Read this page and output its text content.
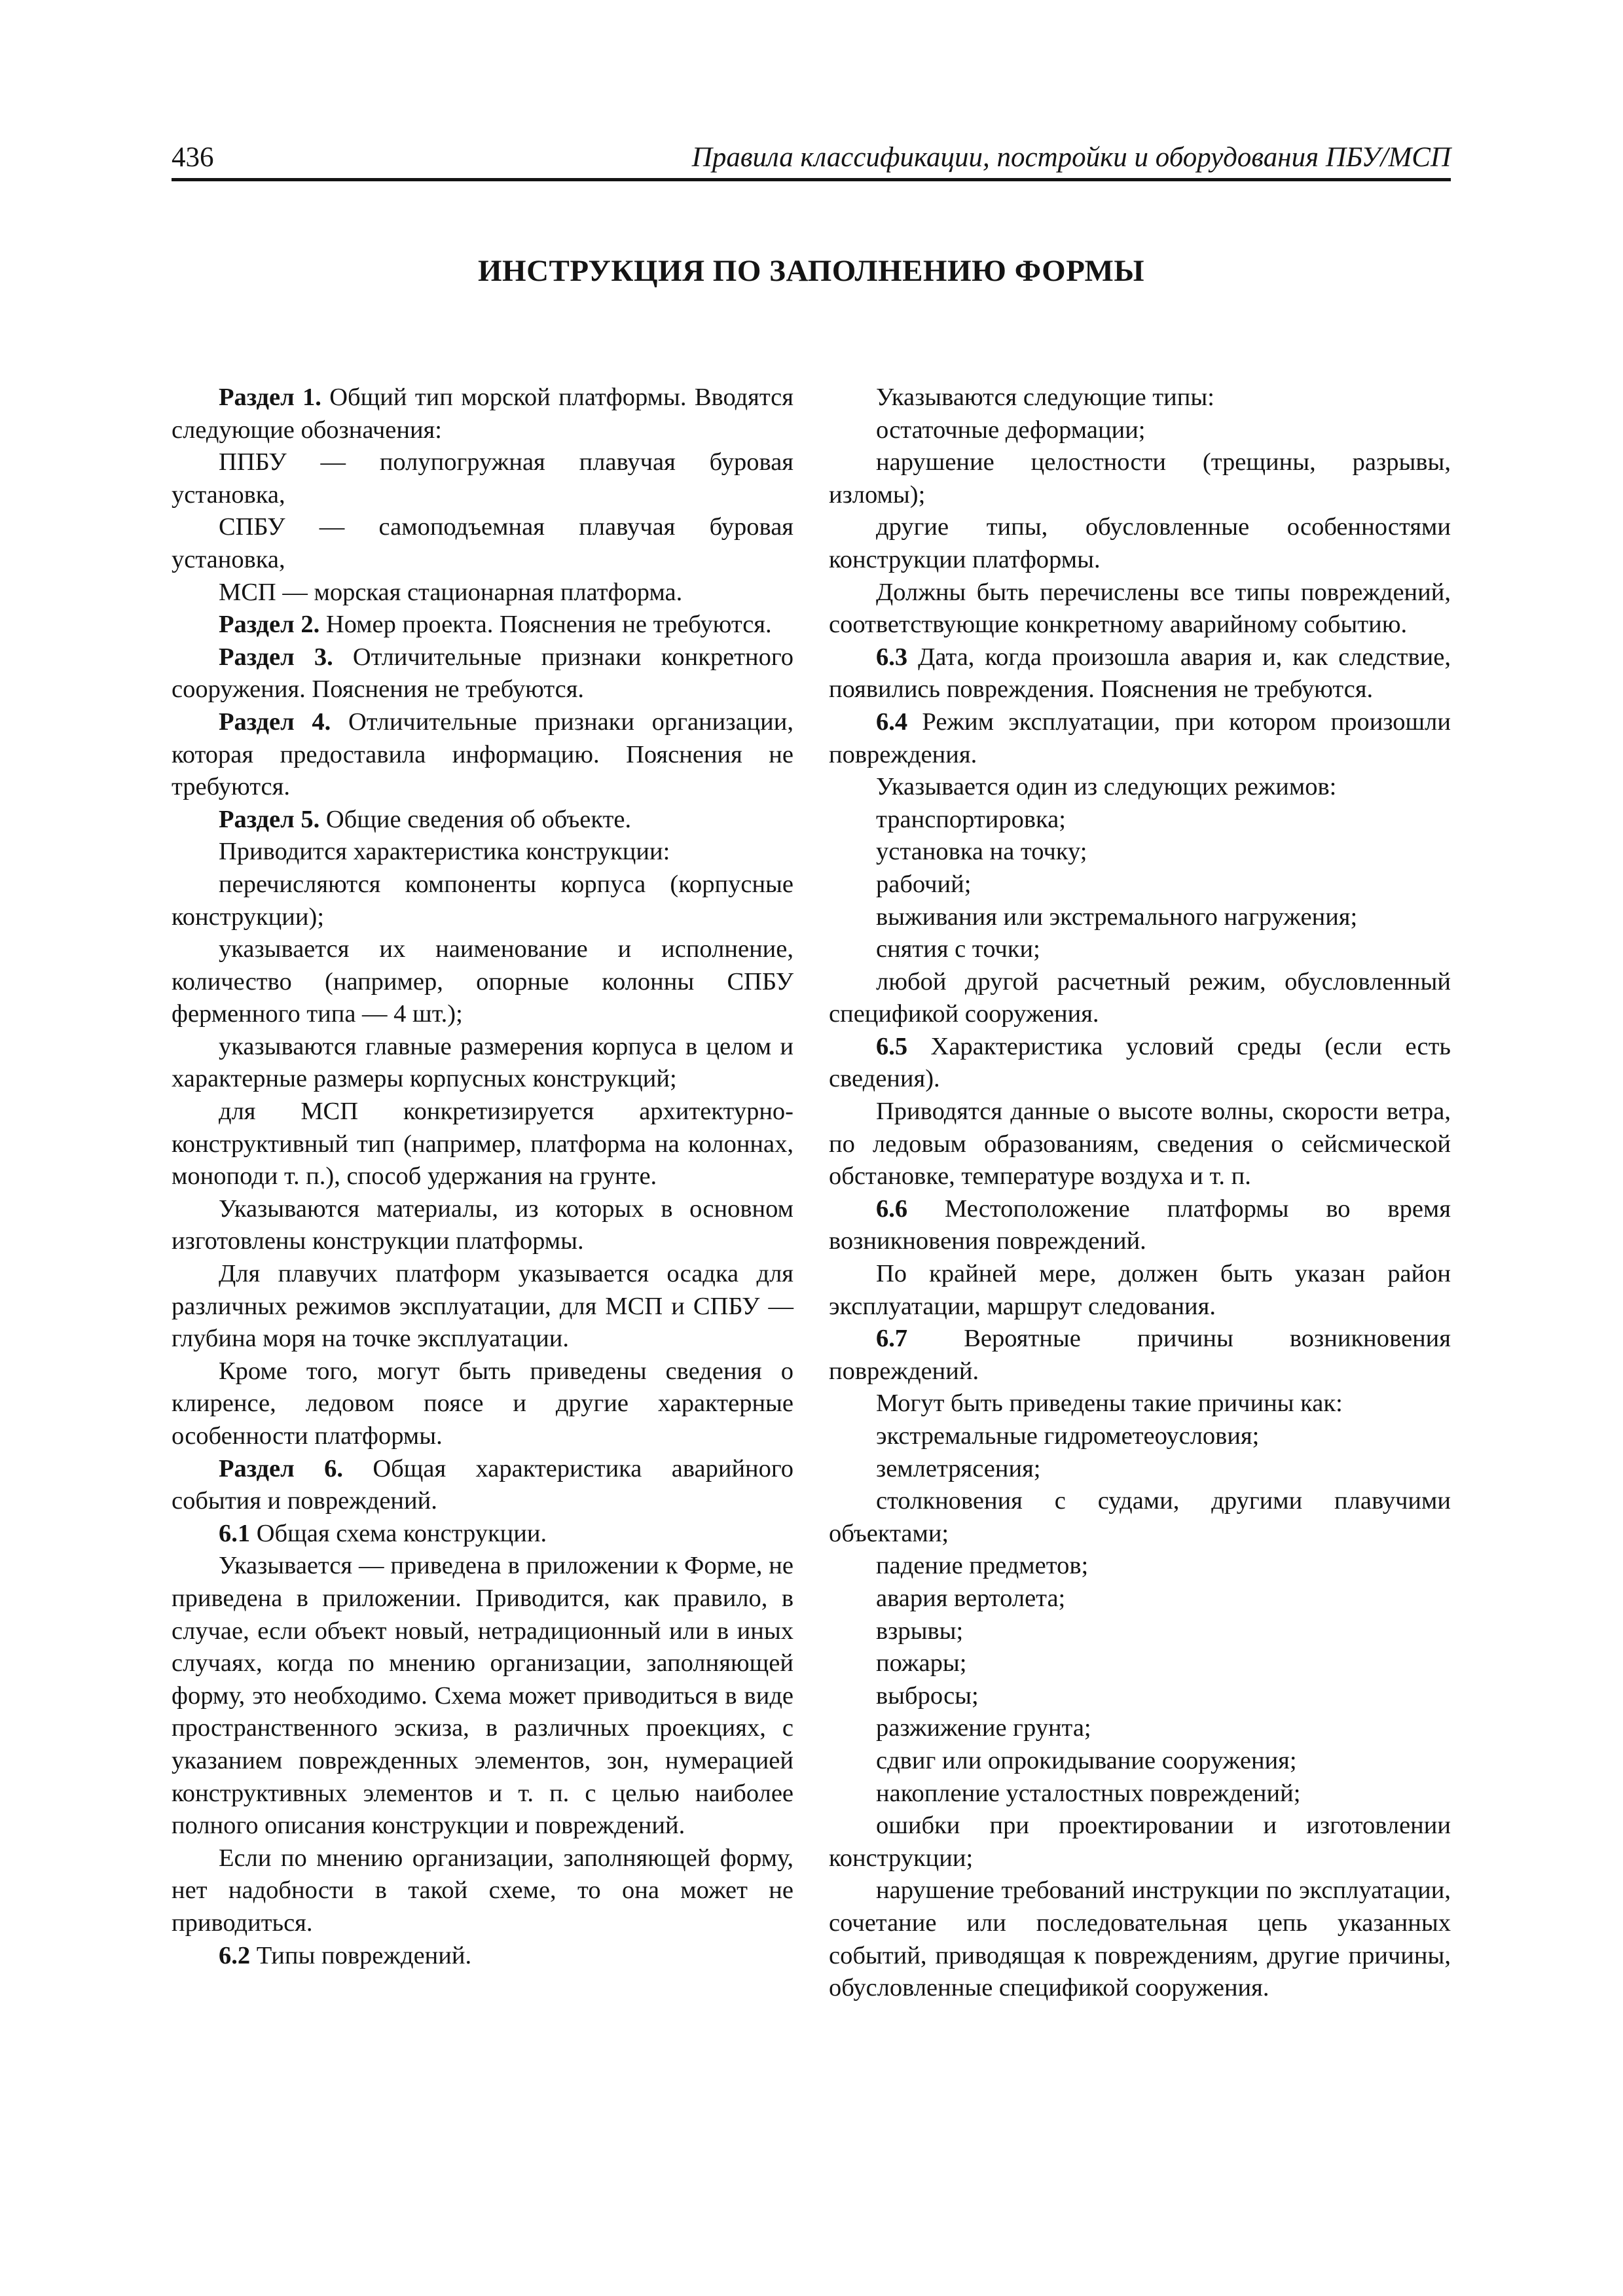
436	Правила классификации, постройки и оборудования ПБУ/МСП
ИНСТРУКЦИЯ ПО ЗАПОЛНЕНИЮ ФОРМЫ

Раздел 1. Общий тип морской платформы. Вводятся следующие обозначения:

ППБУ — полупогружная плавучая буровая установка,

СПБУ — самоподъемная плавучая буровая установка,

МСП — морская стационарная платформа.

Раздел 2. Номер проекта. Пояснения не требуются.

Раздел 3. Отличительные признаки конкретного сооружения. Пояснения не требуются.

Раздел 4. Отличительные признаки организации, которая предоставила информацию. Пояснения не требуются.

Раздел 5. Общие сведения об объекте.

Приводится характеристика конструкции:

перечисляются компоненты корпуса (корпусные конструкции);

указывается их наименование и исполнение, количество (например, опорные колонны СПБУ ферменного типа — 4 шт.);

указываются главные размерения корпуса в целом и характерные размеры корпусных конструкций;

для МСП конкретизируется архитектурно-конструктивный тип (например, платформа на колоннах, моноподи т. п.), способ удержания на грунте.

Указываются материалы, из которых в основном изготовлены конструкции платформы.

Для плавучих платформ указывается осадка для различных режимов эксплуатации, для МСП и СПБУ — глубина моря на точке эксплуатации.

Кроме того, могут быть приведены сведения о клиренсе, ледовом поясе и другие характерные особенности платформы.

Раздел 6. Общая характеристика аварийного события и повреждений.

6.1 Общая схема конструкции.

Указывается — приведена в приложении к Форме, не приведена в приложении. Приводится, как правило, в случае, если объект новый, нетрадиционный или в иных случаях, когда по мнению организации, заполняющей форму, это необходимо. Схема может приводиться в виде пространственного эскиза, в различных проекциях, с указанием поврежденных элементов, зон, нумерацией конструктивных элементов и т. п. с целью наиболее полного описания конструкции и повреждений.

Если по мнению организации, заполняющей форму, нет надобности в такой схеме, то она может не приводиться.

6.2 Типы повреждений.

Указываются следующие типы:

остаточные деформации;

нарушение целостности (трещины, разрывы, изломы);

другие типы, обусловленные особенностями конструкции платформы.

Должны быть перечислены все типы повреждений, соответствующие конкретному аварийному событию.

6.3 Дата, когда произошла авария и, как следствие, появились повреждения. Пояснения не требуются.

6.4 Режим эксплуатации, при котором произошли повреждения.

Указывается один из следующих режимов:

транспортировка;

установка на точку;

рабочий;

выживания или экстремального нагружения;

снятия с точки;

любой другой расчетный режим, обусловленный спецификой сооружения.

6.5 Характеристика условий среды (если есть сведения).

Приводятся данные о высоте волны, скорости ветра, по ледовым образованиям, сведения о сейсмической обстановке, температуре воздуха и т. п.

6.6 Местоположение платформы во время возникновения повреждений.

По крайней мере, должен быть указан район эксплуатации, маршрут следования.

6.7 Вероятные причины возникновения повреждений.

Могут быть приведены такие причины как:

экстремальные гидрометеоусловия;

землетрясения;

столкновения с судами, другими плавучими объектами;

падение предметов;

авария вертолета;

взрывы;

пожары;

выбросы;

разжижение грунта;

сдвиг или опрокидывание сооружения;

накопление усталостных повреждений;

ошибки при проектировании и изготовлении конструкции;

нарушение требований инструкции по эксплуатации, сочетание или последовательная цепь указанных событий, приводящая к повреждениям, другие причины, обусловленные спецификой сооружения.
